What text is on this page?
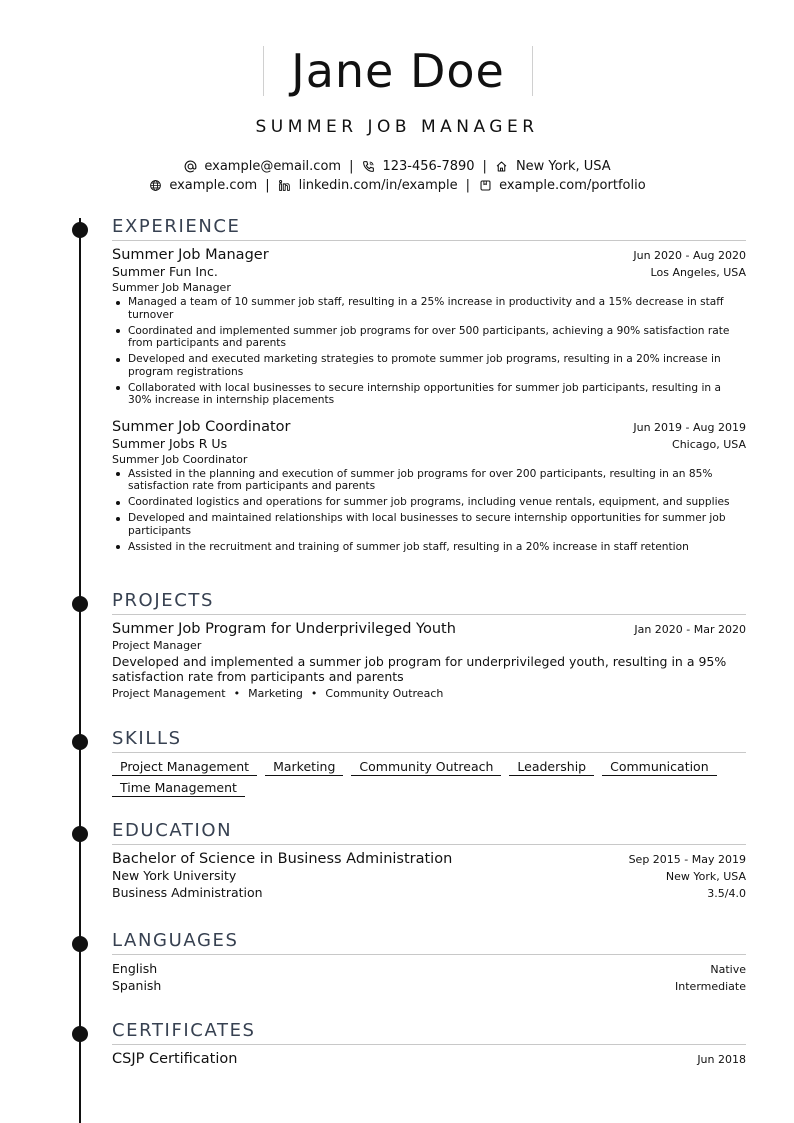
Jane Doe
SUMMER JOB MANAGER
example@email.com | 123-456-7890 | New York, USA
example.com | linkedin.com/in/example | example.com/portfolio
EXPERIENCE
Summer Job Manager	Jun 2020 - Aug 2020
Summer Fun Inc.	Los Angeles, USA
Summer Job Manager
Managed a team of 10 summer job staff, resulting in a 25% increase in productivity and a 15% decrease in staff turnover
Coordinated and implemented summer job programs for over 500 participants, achieving a 90% satisfaction rate from participants and parents
Developed and executed marketing strategies to promote summer job programs, resulting in a 20% increase in program registrations
Collaborated with local businesses to secure internship opportunities for summer job participants, resulting in a 30% increase in internship placements
Summer Job Coordinator	Jun 2019 - Aug 2019
Summer Jobs R Us	Chicago, USA
Summer Job Coordinator
Assisted in the planning and execution of summer job programs for over 200 participants, resulting in an 85% satisfaction rate from participants and parents
Coordinated logistics and operations for summer job programs, including venue rentals, equipment, and supplies
Developed and maintained relationships with local businesses to secure internship opportunities for summer job participants
Assisted in the recruitment and training of summer job staff, resulting in a 20% increase in staff retention
PROJECTS
Summer Job Program for Underprivileged Youth	Jan 2020 - Mar 2020
Project Manager
Developed and implemented a summer job program for underprivileged youth, resulting in a 95% satisfaction rate from participants and parents
Project Management • Marketing • Community Outreach
SKILLS
Project Management	Marketing	Community Outreach	Leadership	Communication
Time Management
EDUCATION
Bachelor of Science in Business Administration	Sep 2015 - May 2019
New York University	New York, USA
Business Administration	3.5/4.0
LANGUAGES
English	Native
Spanish	Intermediate
CERTIFICATES
CSJP Certification	Jun 2018
